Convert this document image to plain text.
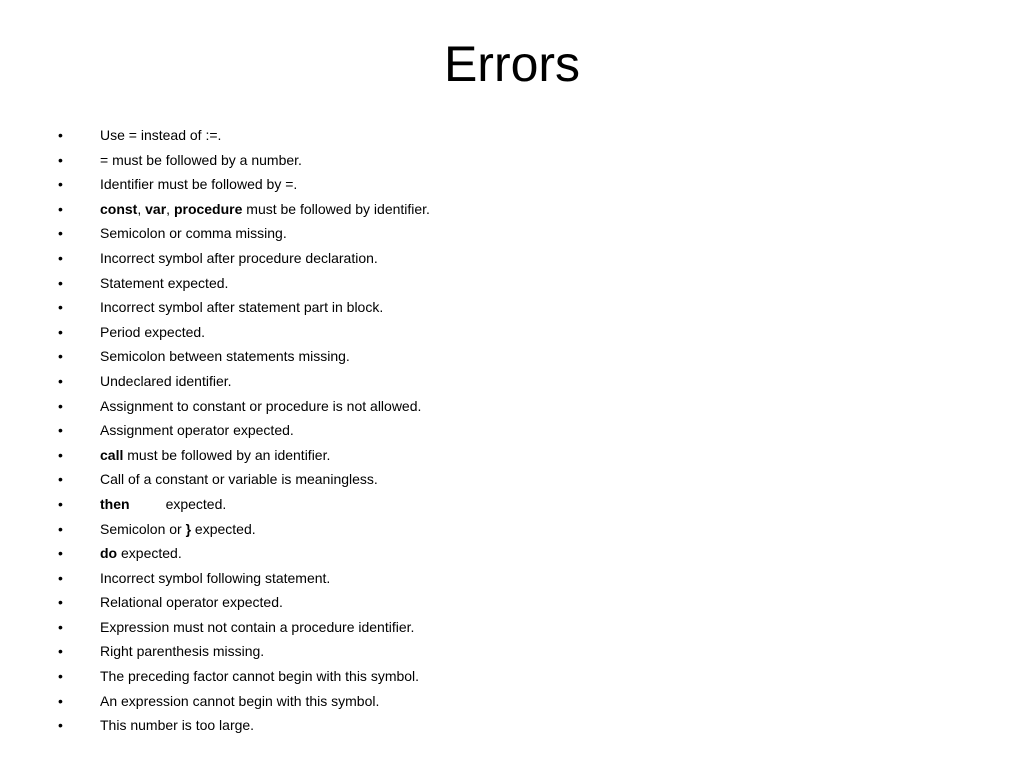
Errors
•	Use = instead of :=.
•	= must be followed by a number.
•	Identifier must be followed by =.
•	const, var, procedure must be followed by identifier.
•	Semicolon or comma missing.
•	Incorrect symbol after procedure declaration.
•	Statement expected.
•	Incorrect symbol after statement part in block.
•	Period expected.
•	Semicolon between statements missing.
•	Undeclared identifier.
•	Assignment to constant or procedure is not allowed.
•	Assignment operator expected.
•	call must be followed by an identifier.
•	Call of a constant or variable is meaningless.
•	then	expected.
•	Semicolon or } expected.
•	do expected.
•	Incorrect symbol following statement.
•	Relational operator expected.
•	Expression must not contain a procedure identifier.
•	Right parenthesis missing.
•	The preceding factor cannot begin with this symbol.
•	An expression cannot begin with this symbol.
•	This number is too large.
